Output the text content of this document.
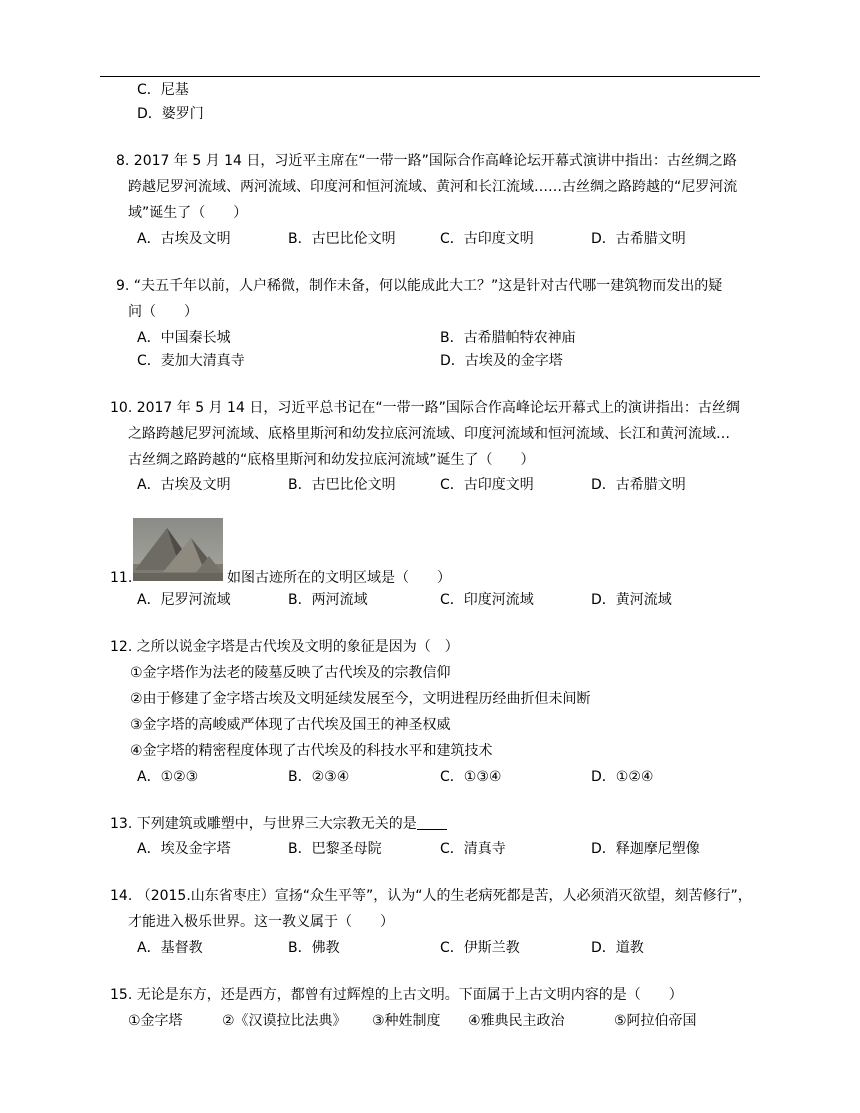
C．尼基
D．婆罗门
8. 2017 年 5 月 14 日，习近平主席在“一带一路”国际合作高峰论坛开幕式演讲中指出：古丝绸之路
跨越尼罗河流域、两河流域、印度河和恒河流域、黄河和长江流域……古丝绸之路跨越的“尼罗河流
域”诞生了（　　）
A．古埃及文明	B．古巴比伦文明	C．古印度文明	D．古希腊文明
9. “夫五千年以前，人户稀微，制作未备，何以能成此大工？”这是针对古代哪一建筑物而发出的疑
问（　　）
A．中国秦长城	B．古希腊帕特农神庙
C．麦加大清真寺	D．古埃及的金字塔
10. 2017 年 5 月 14 日，习近平总书记在“一带一路”国际合作高峰论坛开幕式上的演讲指出：古丝绸
之路跨越尼罗河流域、底格里斯河和幼发拉底河流域、印度河流域和恒河流域、长江和黄河流域…
古丝绸之路跨越的“底格里斯河和幼发拉底河流域”诞生了（　　）
A．古埃及文明	B．古巴比伦文明	C．古印度文明	D．古希腊文明
11.	如图古迹所在的文明区域是（　　）
A．尼罗河流域	B．两河流域	C．印度河流域	D．黄河流域
12. 之所以说金字塔是古代埃及文明的象征是因为（　）
①金字塔作为法老的陵墓反映了古代埃及的宗教信仰
②由于修建了金字塔古埃及文明延续发展至今，文明进程历经曲折但未间断
③金字塔的高峻威严体现了古代埃及国王的神圣权威
④金字塔的精密程度体现了古代埃及的科技水平和建筑技术
A．①②③	B．②③④	C．①③④	D．①②④
13. 下列建筑或雕塑中，与世界三大宗教无关的是
A．埃及金字塔	B．巴黎圣母院	C．清真寺	D．释迦摩尼塑像
14. （2015.山东省枣庄）宣扬“众生平等”，认为“人的生老病死都是苦，人必须消灭欲望，刻苦修行”，
才能进入极乐世界。这一教义属于（　　）
A．基督教	B．佛教	C．伊斯兰教	D．道教
15. 无论是东方，还是西方，都曾有过辉煌的上古文明。下面属于上古文明内容的是（　　）
①金字塔	②《汉谟拉比法典》 ③种姓制度 ④雅典民主政治	⑤阿拉伯帝国
